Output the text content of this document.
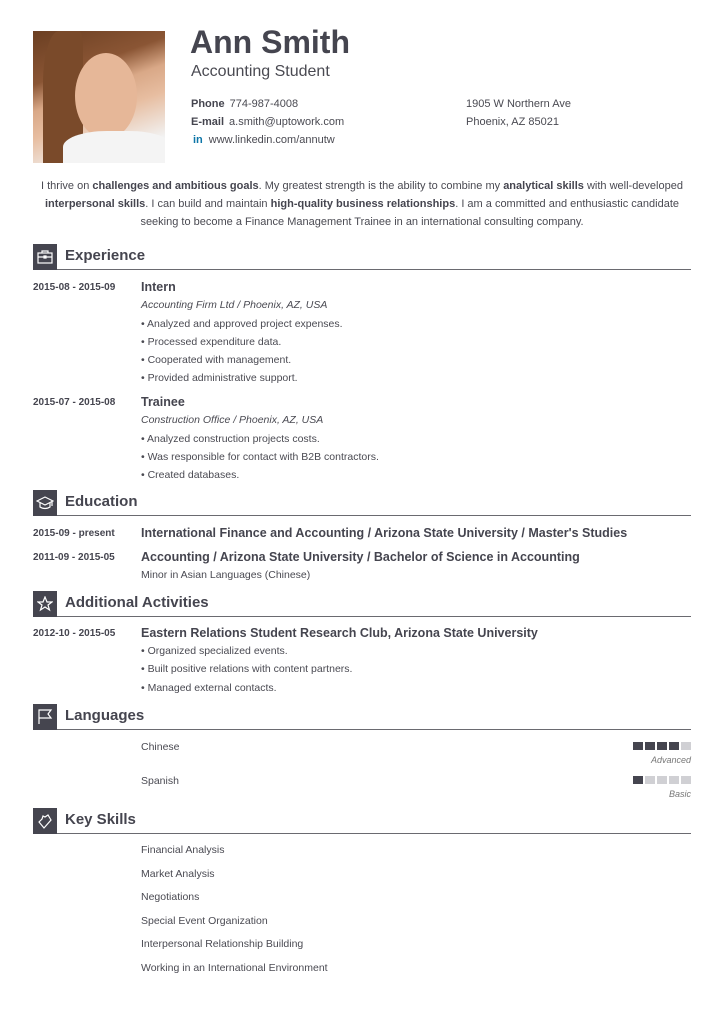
Ann Smith
Accounting Student
Phone 774-987-4008
E-mail a.smith@uptowork.com
in www.linkedin.com/annutw
1905 W Northern Ave
Phoenix, AZ 85021
I thrive on challenges and ambitious goals. My greatest strength is the ability to combine my analytical skills with well-developed interpersonal skills. I can build and maintain high-quality business relationships. I am a committed and enthusiastic candidate seeking to become a Finance Management Trainee in an international consulting company.
Experience
2015-08 - 2015-09 Intern
Accounting Firm Ltd / Phoenix, AZ, USA
• Analyzed and approved project expenses.
• Processed expenditure data.
• Cooperated with management.
• Provided administrative support.
2015-07 - 2015-08 Trainee
Construction Office / Phoenix, AZ, USA
• Analyzed construction projects costs.
• Was responsible for contact with B2B contractors.
• Created databases.
Education
2015-09 - present International Finance and Accounting / Arizona State University / Master's Studies
2011-09 - 2015-05 Accounting / Arizona State University / Bachelor of Science in Accounting
Minor in Asian Languages (Chinese)
Additional Activities
2012-10 - 2015-05 Eastern Relations Student Research Club, Arizona State University
• Organized specialized events.
• Built positive relations with content partners.
• Managed external contacts.
Languages
Chinese
Advanced
Spanish
Basic
Key Skills
Financial Analysis
Market Analysis
Negotiations
Special Event Organization
Interpersonal Relationship Building
Working in an International Environment
